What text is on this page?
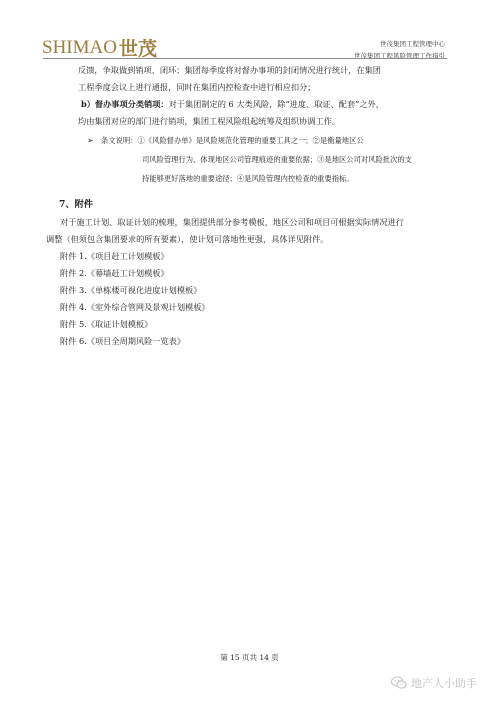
SHIMAO 世茂	世茂集团工程管理中心
世茂集团工程风险管理工作指引

反馈，争取做到销项、闭环；集团每季度将对督办事项的封闭情况进行统计，在集团

工程季度会议上进行通报，同时在集团内控检查中进行相应扣分；

b）督办事项分类销项：对于集团制定的 6 大类风险，除“进度、取证、配套”之外，

均由集团对应的部门进行销项，集团工程风险组起统筹及组织协调工作。

➢ 条文说明：①《风险督办单》是风险规范化管理的重要工具之一；②是衡量地区公
司风险管理行为、体现地区公司管理痕迹的重要依据；③是地区公司对风险批次的支
持能够更好落地的重要途径；④是风险管理内控检查的重要指标。
7、附件

对于施工计划、取证计划的梳理，集团提供部分参考模板，地区公司和项目可根据实际情况进行

调整（但须包含集团要求的所有要素），使计划可落地性更强，具体详见附件。

附件 1.《项目赶工计划模板》

附件 2.《幕墙赶工计划模板》

附件 3.《单栋楼可视化进度计划模板》

附件 4.《室外综合管网及景观计划模板》

附件 5.《取证计划模板》

附件 6.《项目全周期风险一览表》

第 15 页共 14 页
地产人小助手
